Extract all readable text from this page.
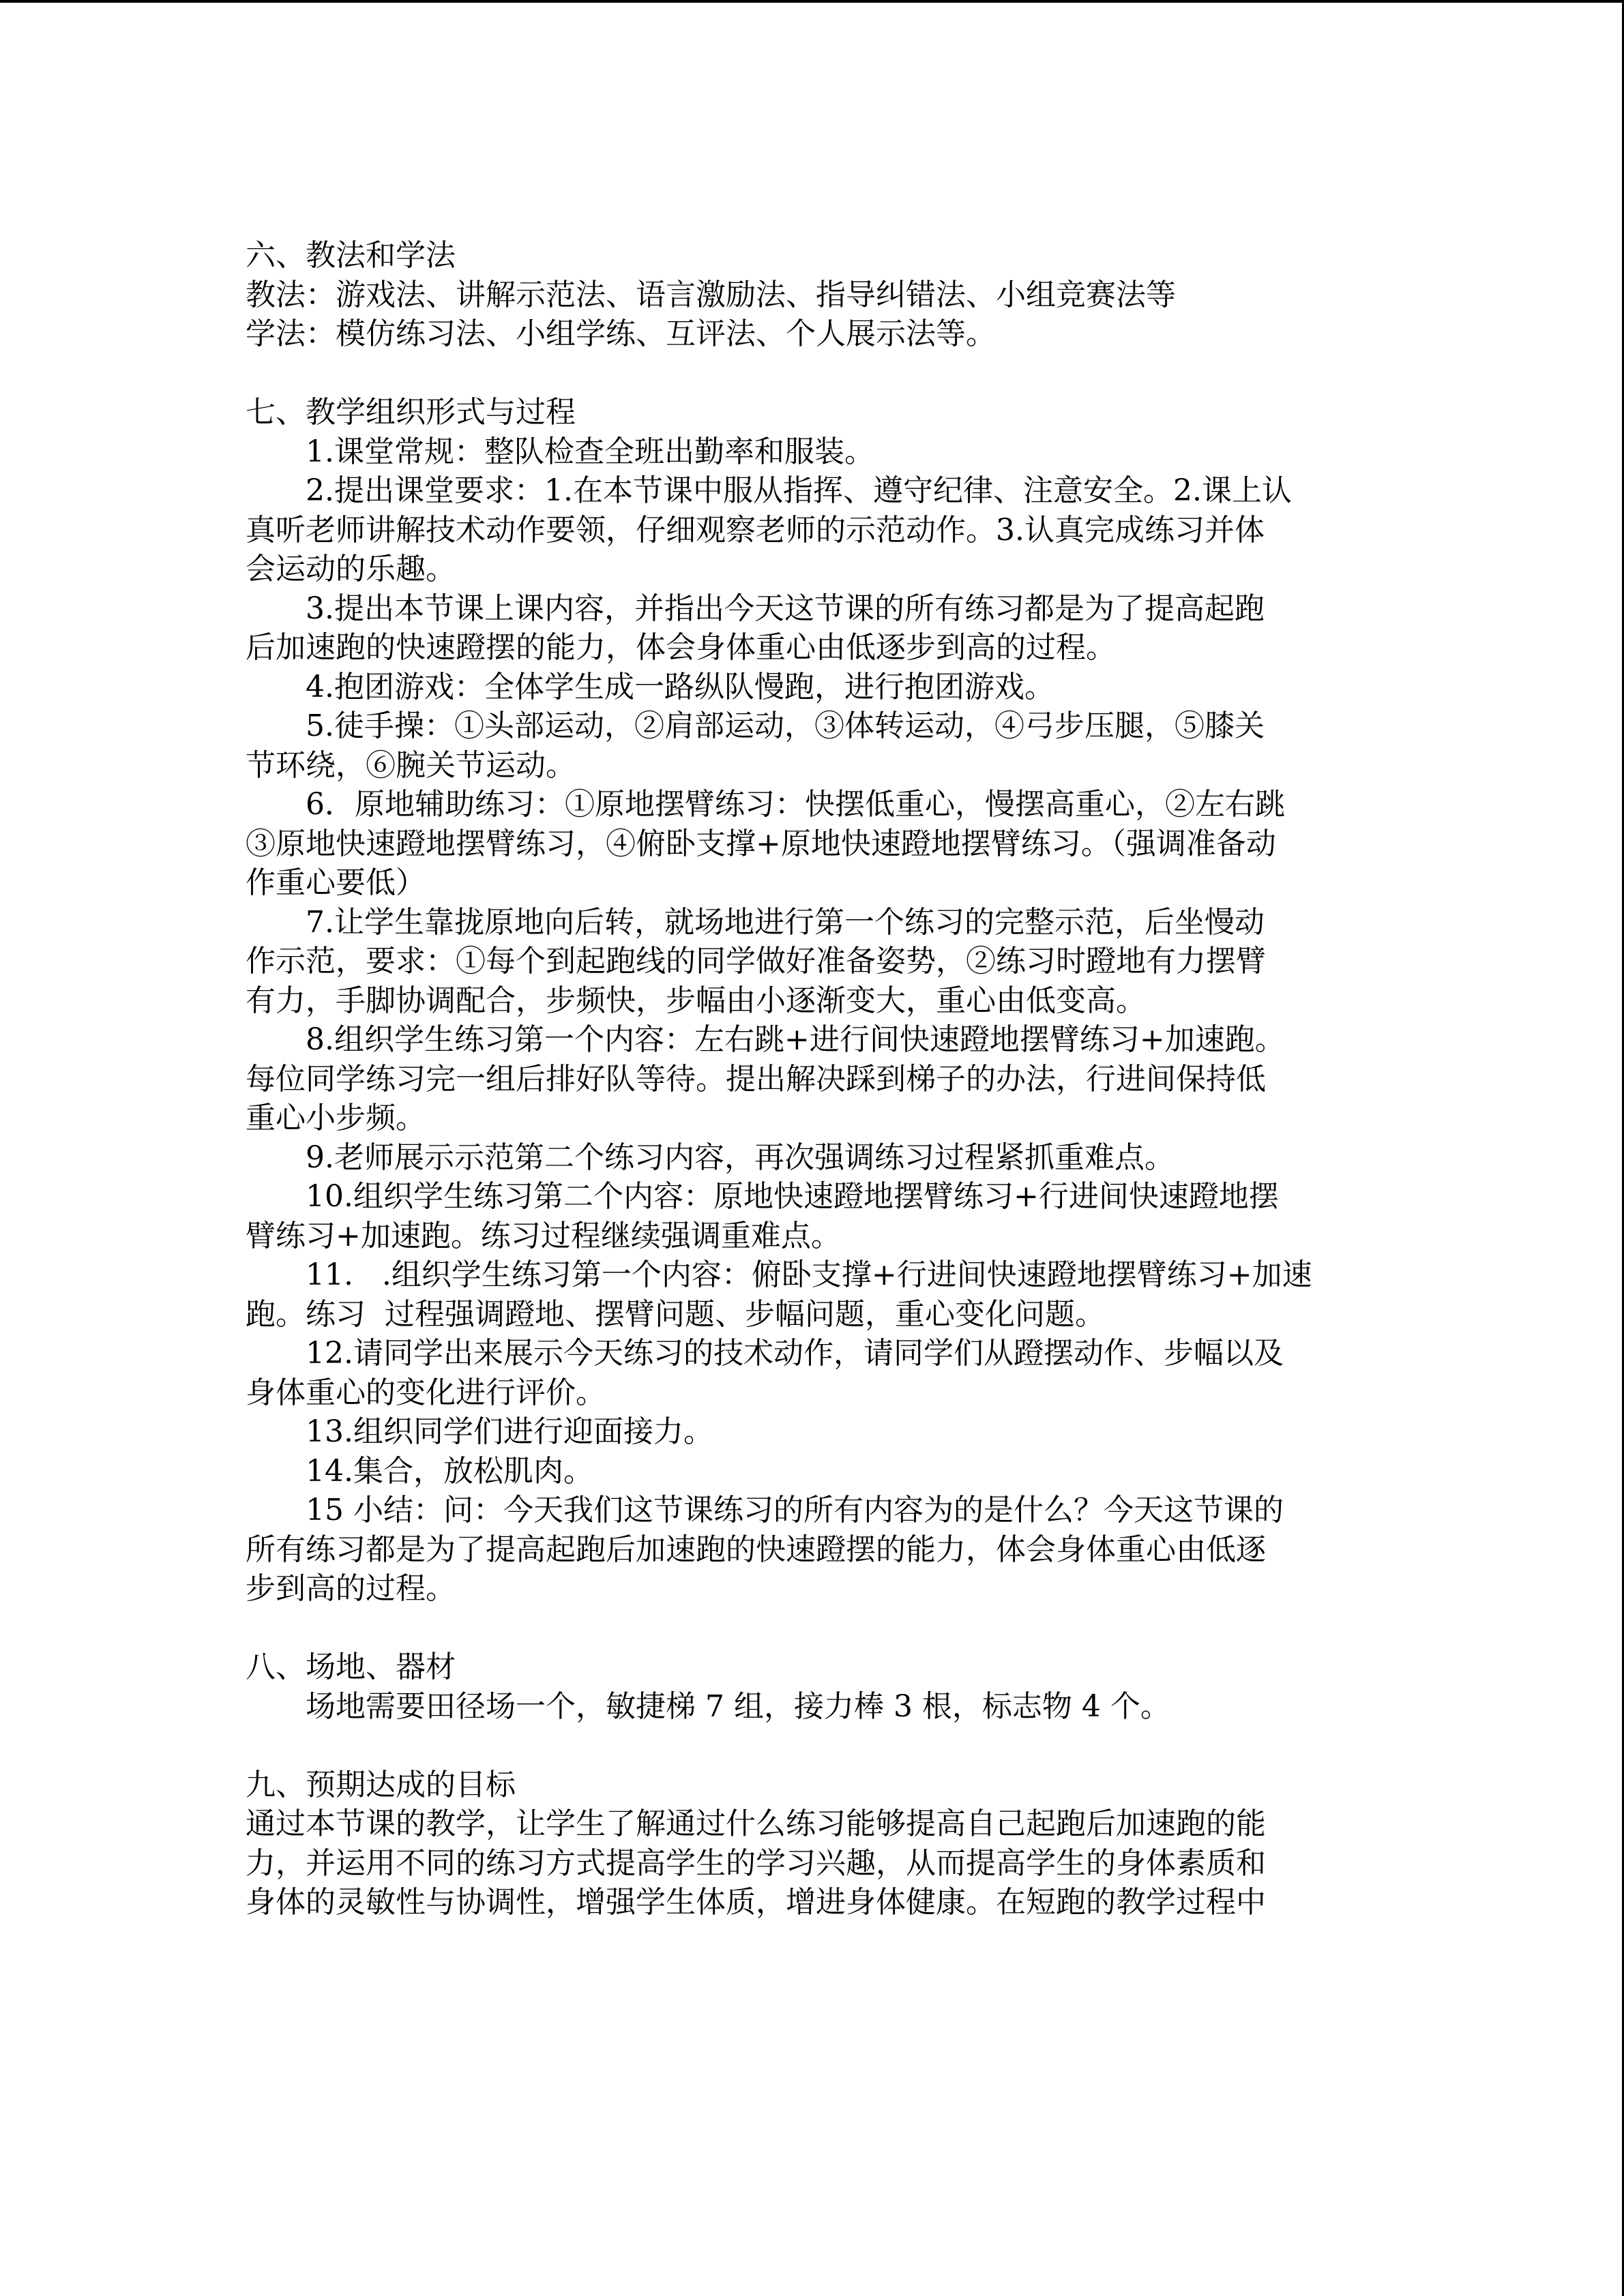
六、教法和学法
教法：游戏法、讲解示范法、语言激励法、指导纠错法、小组竞赛法等
学法：模仿练习法、小组学练、互评法、个人展示法等。
七、教学组织形式与过程
1.课堂常规：整队检查全班出勤率和服装。
2.提出课堂要求：1.在本节课中服从指挥、遵守纪律、注意安全。2.课上认
真听老师讲解技术动作要领，仔细观察老师的示范动作。3.认真完成练习并体
会运动的乐趣。
3.提出本节课上课内容，并指出今天这节课的所有练习都是为了提高起跑
后加速跑的快速蹬摆的能力，体会身体重心由低逐步到高的过程。
4.抱团游戏：全体学生成一路纵队慢跑，进行抱团游戏。
5.徒手操：①头部运动，②肩部运动，③体转运动，④弓步压腿，⑤膝关
节环绕，⑥腕关节运动。
6．原地辅助练习：①原地摆臂练习：快摆低重心，慢摆高重心，②左右跳
③原地快速蹬地摆臂练习，④俯卧支撑+原地快速蹬地摆臂练习。（强调准备动
作重心要低）
7.让学生靠拢原地向后转，就场地进行第一个练习的完整示范，后坐慢动
作示范，要求：①每个到起跑线的同学做好准备姿势，②练习时蹬地有力摆臂
有力，手脚协调配合，步频快，步幅由小逐渐变大，重心由低变高。
8.组织学生练习第一个内容：左右跳+进行间快速蹬地摆臂练习+加速跑。
每位同学练习完一组后排好队等待。提出解决踩到梯子的办法，行进间保持低
重心小步频。
9.老师展示示范第二个练习内容，再次强调练习过程紧抓重难点。
10.组织学生练习第二个内容：原地快速蹬地摆臂练习+行进间快速蹬地摆
臂练习+加速跑。练习过程继续强调重难点。
11.   .组织学生练习第一个内容：俯卧支撑+行进间快速蹬地摆臂练习+加速
跑。练习  过程强调蹬地、摆臂问题、步幅问题，重心变化问题。
12.请同学出来展示今天练习的技术动作，请同学们从蹬摆动作、步幅以及
身体重心的变化进行评价。
13.组织同学们进行迎面接力。
14.集合，放松肌肉。
15 小结：问：今天我们这节课练习的所有内容为的是什么？今天这节课的
所有练习都是为了提高起跑后加速跑的快速蹬摆的能力，体会身体重心由低逐
步到高的过程。
八、场地、器材
场地需要田径场一个，敏捷梯 7 组，接力棒 3 根，标志物 4 个。
九、预期达成的目标
通过本节课的教学，让学生了解通过什么练习能够提高自己起跑后加速跑的能
力，并运用不同的练习方式提高学生的学习兴趣，从而提高学生的身体素质和
身体的灵敏性与协调性，增强学生体质，增进身体健康。在短跑的教学过程中
